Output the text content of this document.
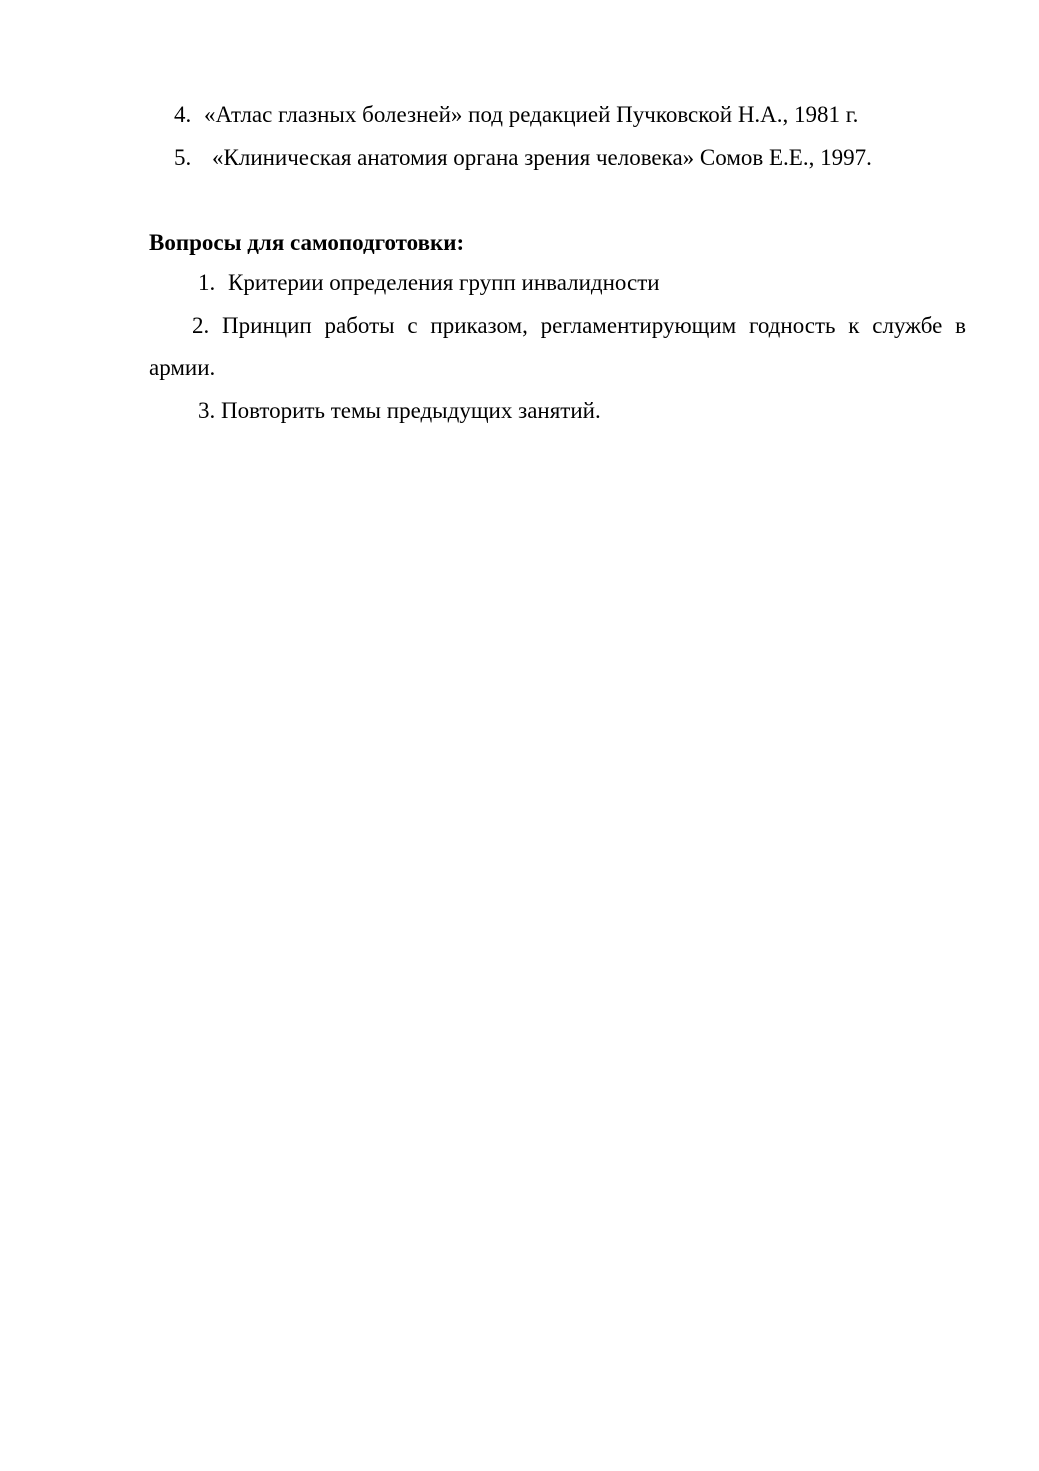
4. «Атлас глазных болезней» под редакцией Пучковской Н.А., 1981 г.
5. «Клиническая анатомия органа зрения человека» Сомов Е.Е., 1997.
Вопросы для самоподготовки:
1. Критерии определения групп инвалидности
2. Принцип работы с приказом, регламентирующим годность к службе в
армии.
3. Повторить темы предыдущих занятий.
